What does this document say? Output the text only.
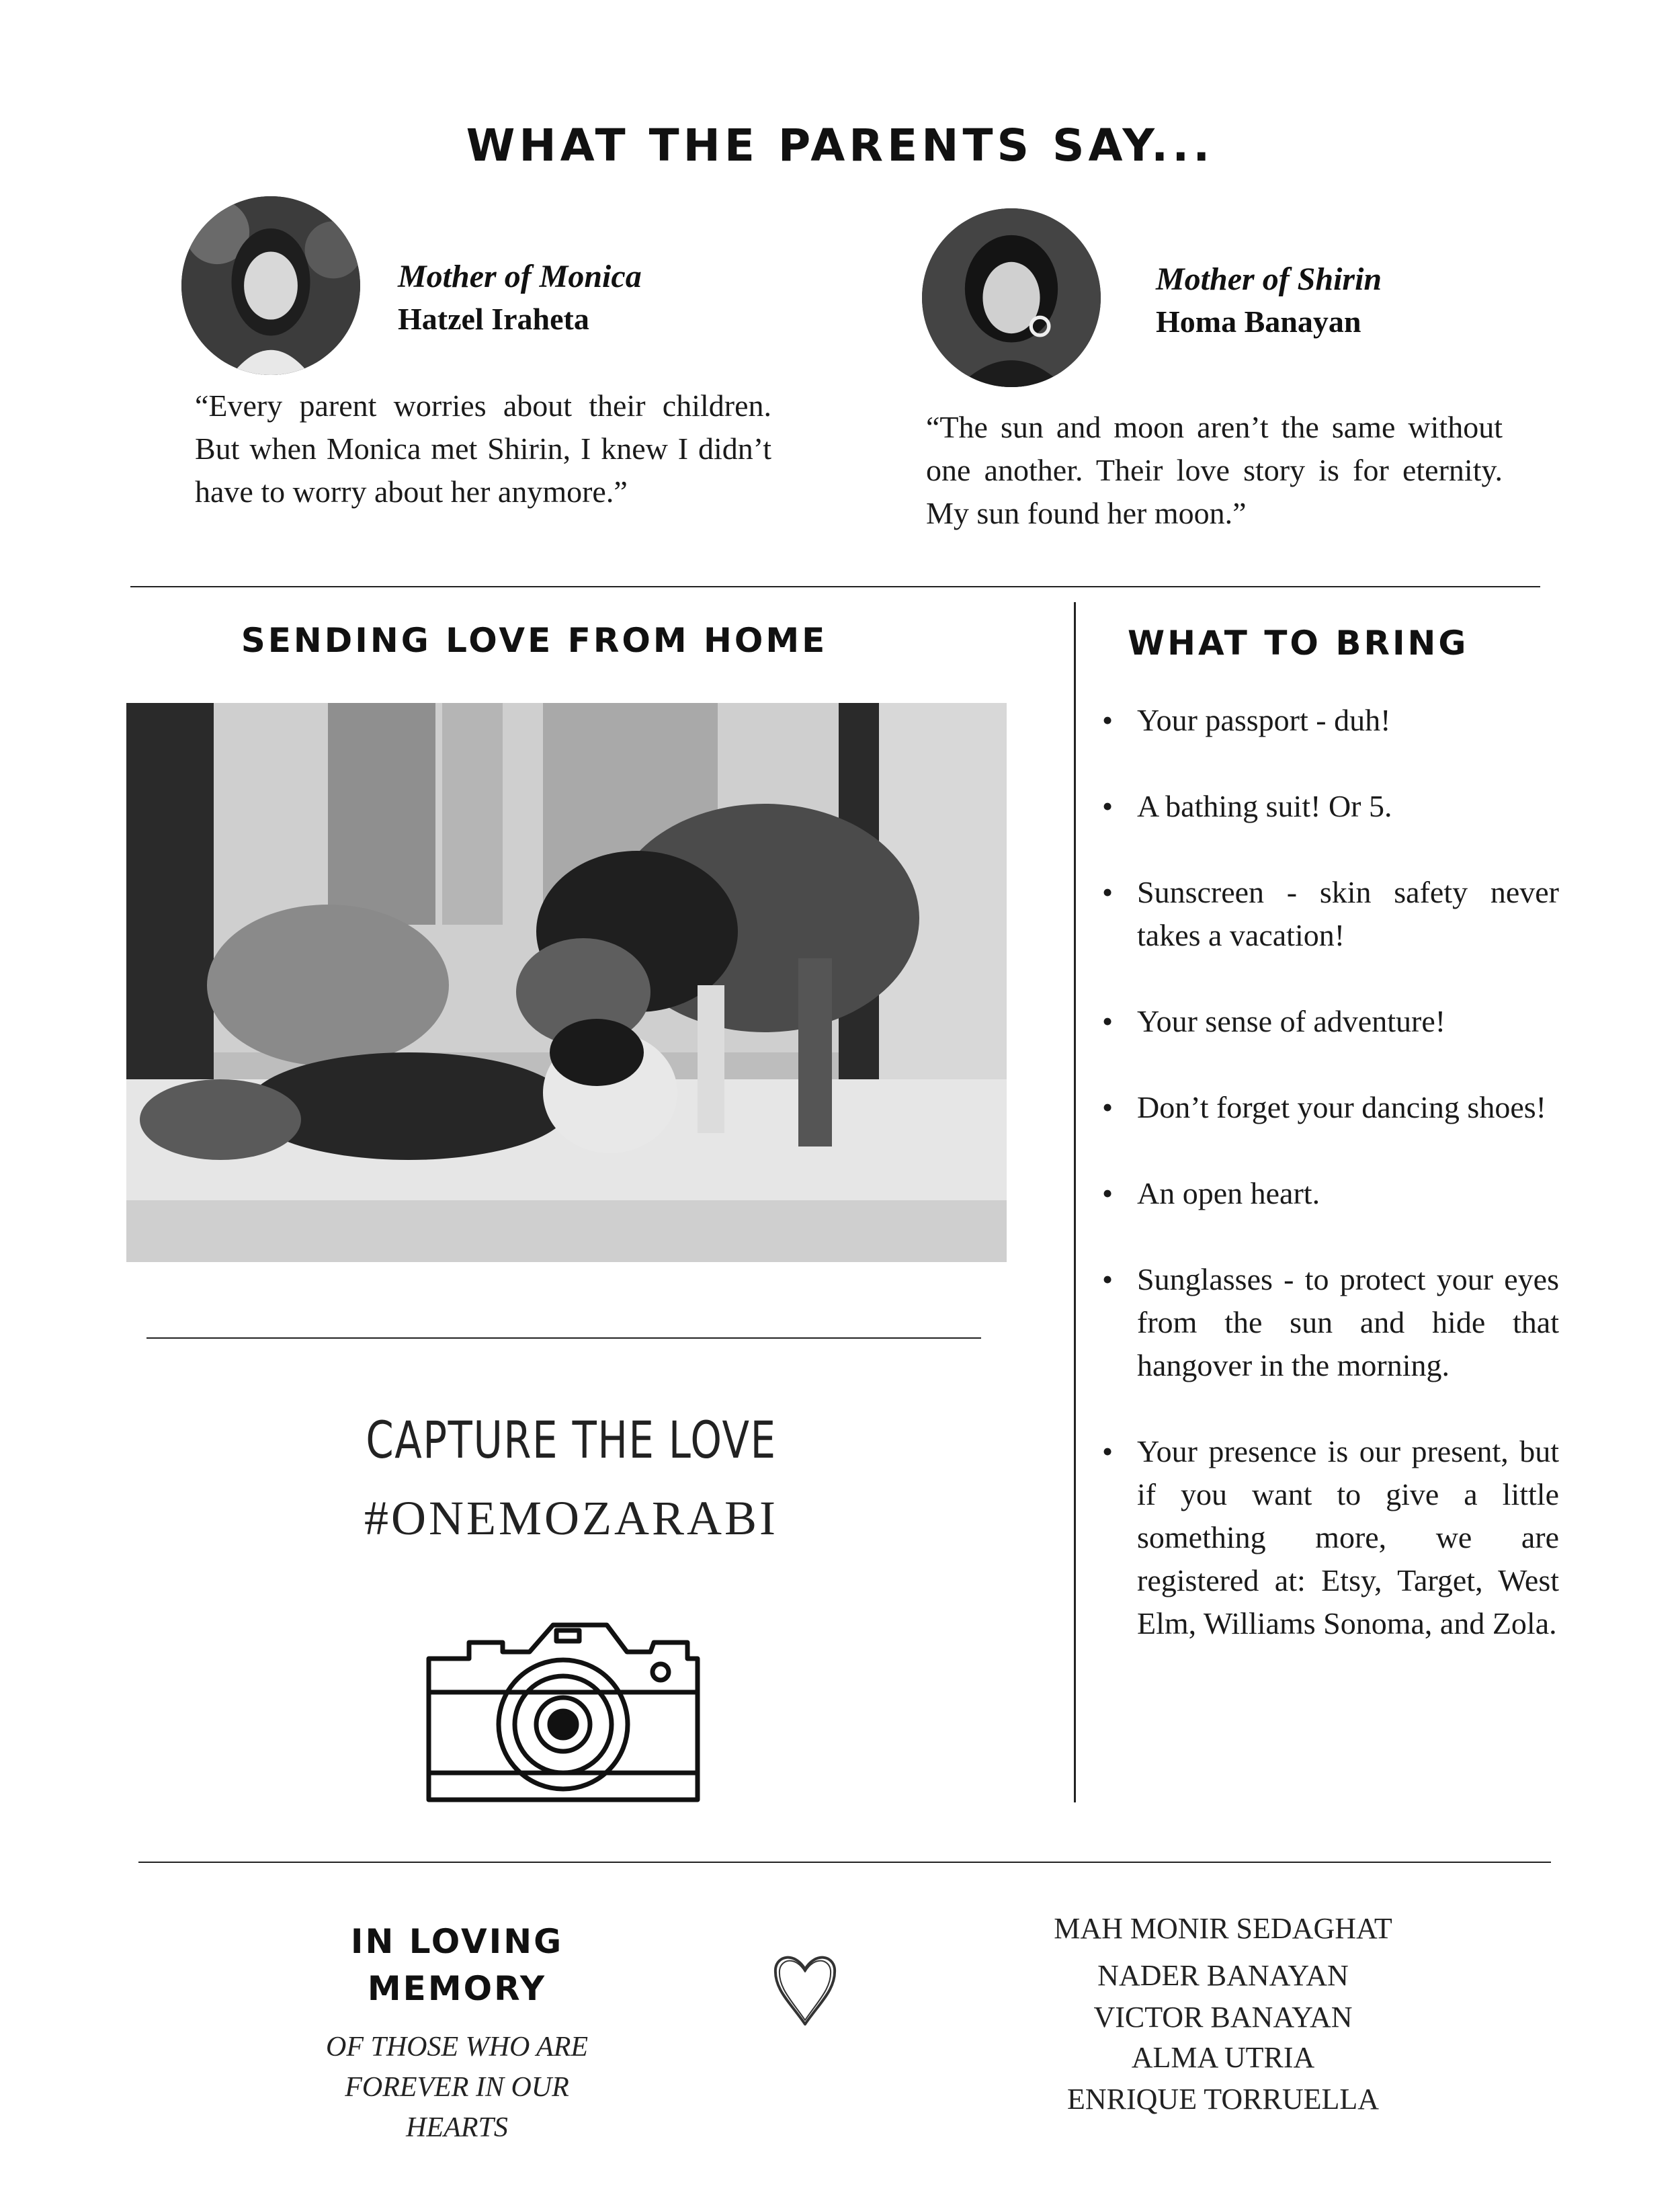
WHAT THE PARENTS SAY...
Mother of Monica
Hatzel Iraheta
“Every parent worries about their children. But when Monica met Shirin, I knew I didn’t have to worry about her anymore.”
Mother of Shirin
Homa Banayan
“The sun and moon aren’t the same without one another. Their love story is for eternity. My sun found her moon.”
SENDING LOVE FROM HOME
CAPTURE THE LOVE
#ONEMOZARABI
WHAT TO BRING
• Your passport - duh!
• A bathing suit! Or 5.
• Sunscreen - skin safety never takes a vacation!
• Your sense of adventure!
• Don’t forget your dancing shoes!
• An open heart.
• Sunglasses - to protect your eyes from the sun and hide that hangover in the morning.
• Your presence is our present, but if you want to give a little something more, we are registered at: Etsy, Target, West Elm, Williams Sonoma, and Zola.
IN LOVING
MEMORY
OF THOSE WHO ARE
FOREVER IN OUR
HEARTS
MAH MONIR SEDAGHAT
NADER BANAYAN
VICTOR BANAYAN
ALMA UTRIA
ENRIQUE TORRUELLA
